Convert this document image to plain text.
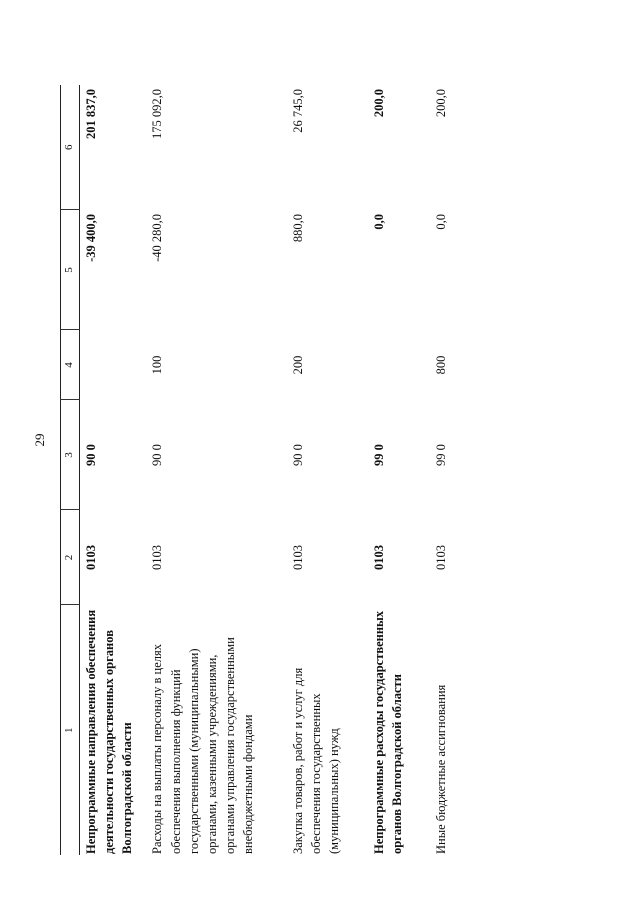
29
1	2	3	4	5	6
Непрограммные направления обеспечения деятельности государственных органов Волгоградской области	0103	90 0		-39 400,0	201 837,0
Расходы на выплаты персоналу в целях обеспечения выполнения функций государственными (муниципальными) органами, казенными учреждениями, органами управления государственными внебюджетными фондами	0103	90 0	100	-40 280,0	175 092,0
Закупка товаров, работ и услуг для обеспечения государственных (муниципальных) нужд	0103	90 0	200	880,0	26 745,0
Непрограммные расходы государственных органов Волгоградской области	0103	99 0		0,0	200,0
Иные бюджетные ассигнования	0103	99 0	800	0,0	200,0
